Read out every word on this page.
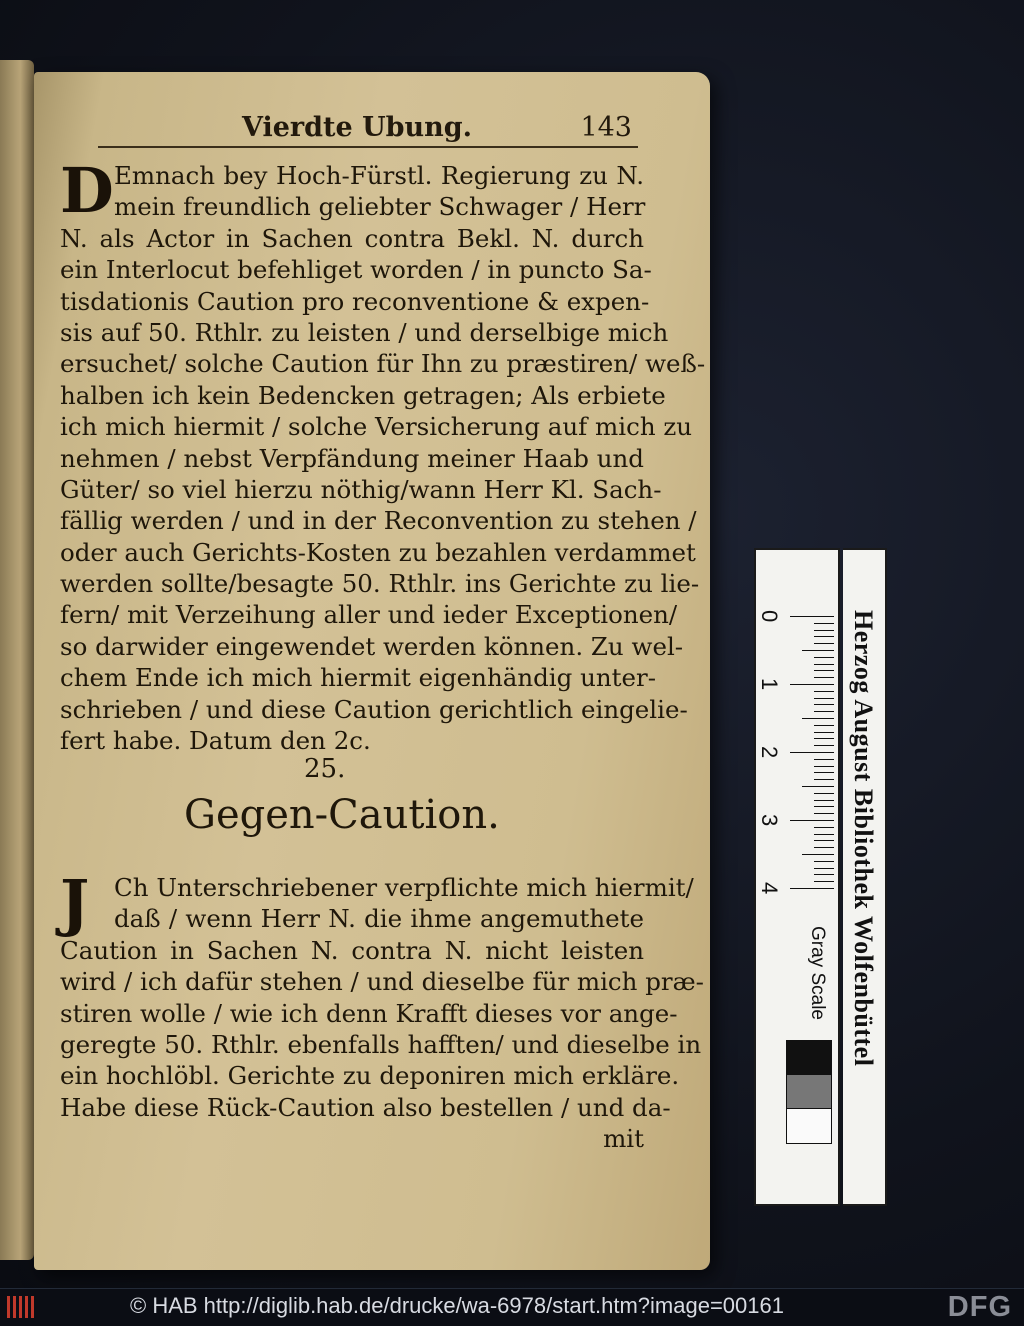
Vierdte Ubung.	143
D Emnach bey Hoch-Fürstl. Regierung zu N.
mein freundlich geliebter Schwager / Herr
N. als Actor in Sachen contra Bekl. N. durch
ein Interlocut befehliget worden / in puncto Sa-
tisdationis Caution pro reconventione & expen-
sis auf 50. Rthlr. zu leisten / und derselbige mich
ersuchet/ solche Caution für Ihn zu præstiren/ weß-
halben ich kein Bedencken getragen; Als erbiete
ich mich hiermit / solche Versicherung auf mich zu
nehmen / nebst Verpfändung meiner Haab und
Güter/ so viel hierzu nöthig/wann Herr Kl. Sach-
fällig werden / und in der Reconvention zu stehen /
oder auch Gerichts-Kosten zu bezahlen verdammet
werden sollte/besagte 50. Rthlr. ins Gerichte zu lie-
fern/ mit Verzeihung aller und ieder Exceptionen/
so darwider eingewendet werden können. Zu wel-
chem Ende ich mich hiermit eigenhändig unter-
schrieben / und diese Caution gerichtlich eingelie-
fert habe. Datum den 2c.
25.
Gegen-Caution.
J	Ch Unterschriebener verpflichte mich hiermit/
daß / wenn Herr N. die ihme angemuthete
Caution in Sachen N. contra N. nicht leisten
wird / ich dafür stehen / und dieselbe für mich præ-
stiren wolle / wie ich denn Krafft dieses vor ange-
geregte 50. Rthlr. ebenfalls hafften/ und dieselbe in
ein hochlöbl. Gerichte zu deponiren mich erkläre.
Habe diese Rück-Caution also bestellen / und da-
mit
Herzog August Bibliothek Wolfenbüttel
Gray Scale
0
1
2
3
4
© HAB http://diglib.hab.de/drucke/wa-6978/start.htm?image=00161	DFG
